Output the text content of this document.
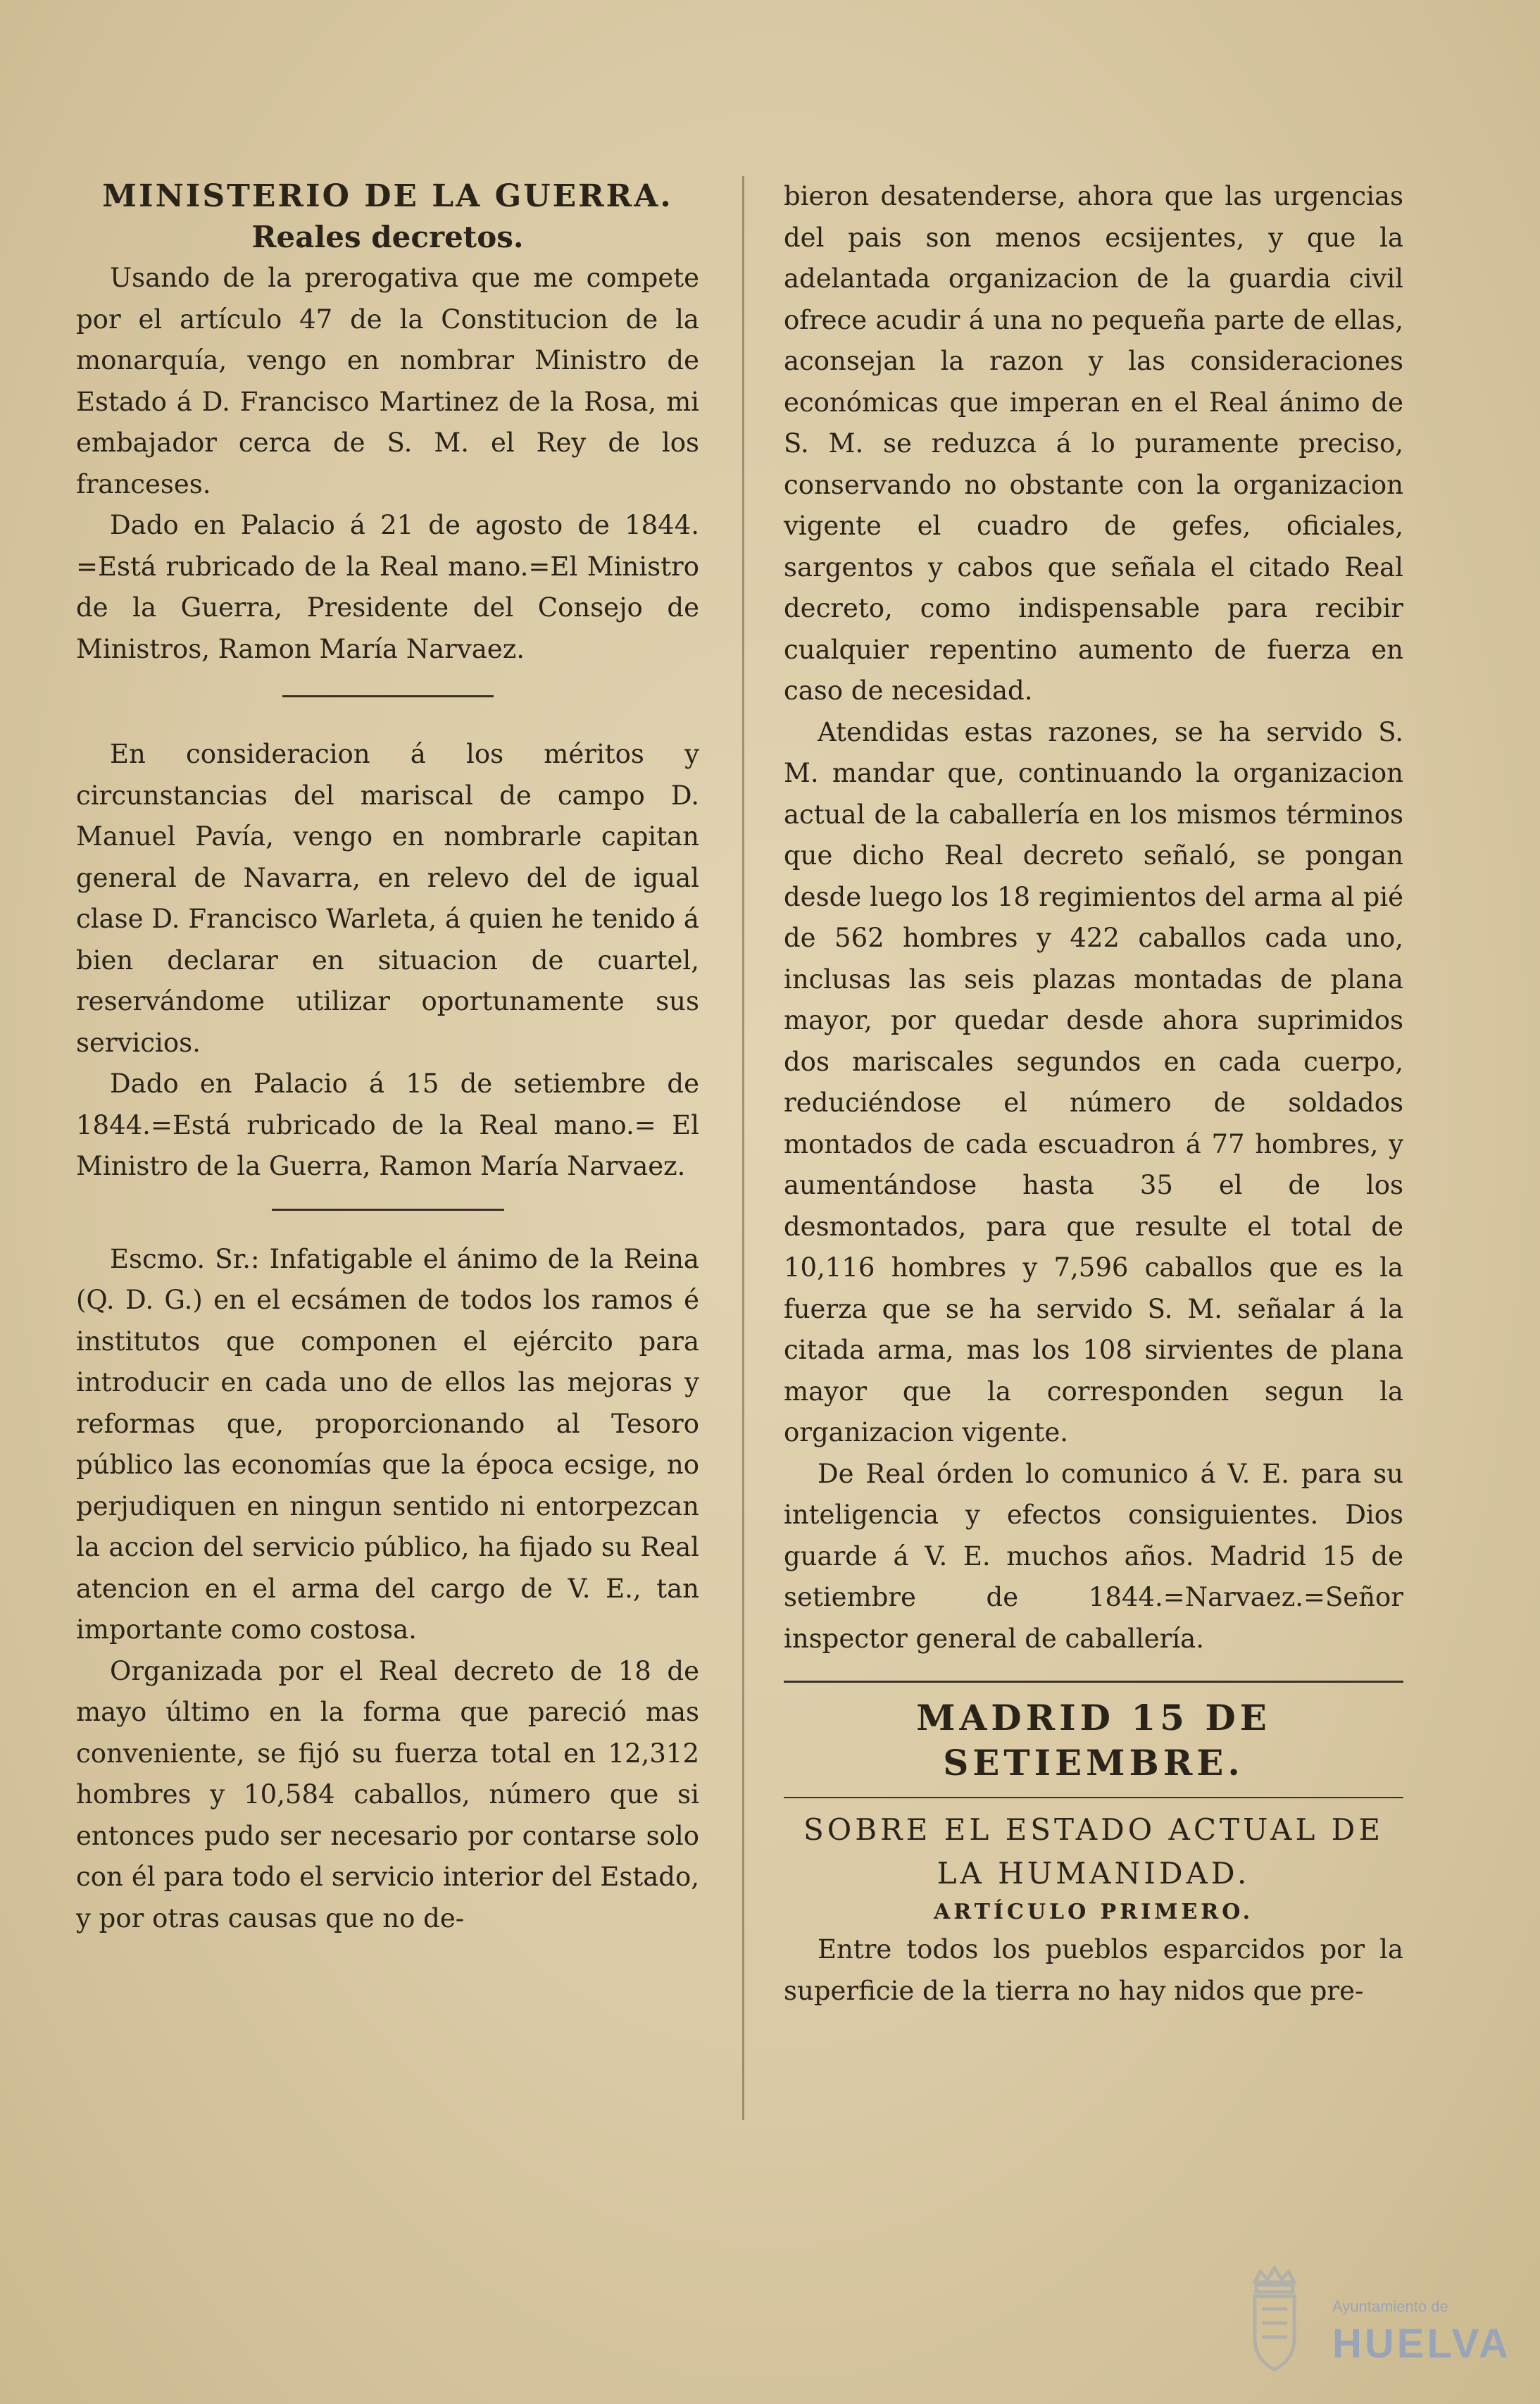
MINISTERIO DE LA GUERRA.

Reales decretos.

Usando de la prerogativa que me compete por el artículo 47 de la Constitucion de la monarquía, vengo en nombrar Ministro de Estado á D. Francisco Martinez de la Rosa, mi embajador cerca de S. M. el Rey de los franceses.

Dado en Palacio á 21 de agosto de 1844. =Está rubricado de la Real mano.=El Ministro de la Guerra, Presidente del Consejo de Ministros, Ramon María Narvaez.

En consideracion á los méritos y circunstancias del mariscal de campo D. Manuel Pavía, vengo en nombrarle capitan general de Navarra, en relevo del de igual clase D. Francisco Warleta, á quien he tenido á bien declarar en situacion de cuartel, reservándome utilizar oportunamente sus servicios.

Dado en Palacio á 15 de setiembre de 1844.=Está rubricado de la Real mano.= El Ministro de la Guerra, Ramon María Narvaez.

Escmo. Sr.: Infatigable el ánimo de la Reina (Q. D. G.) en el ecsámen de todos los ramos é institutos que componen el ejército para introducir en cada uno de ellos las mejoras y reformas que, proporcionando al Tesoro público las economías que la época ecsige, no perjudiquen en ningun sentido ni entorpezcan la accion del servicio público, ha fijado su Real atencion en el arma del cargo de V. E., tan importante como costosa.

Organizada por el Real decreto de 18 de mayo último en la forma que pareció mas conveniente, se fijó su fuerza total en 12,312 hombres y 10,584 caballos, número que si entonces pudo ser necesario por contarse solo con él para todo el servicio interior del Estado, y por otras causas que no de-

bieron desatenderse, ahora que las urgencias del pais son menos ecsijentes, y que la adelantada organizacion de la guardia civil ofrece acudir á una no pequeña parte de ellas, aconsejan la razon y las consideraciones económicas que imperan en el Real ánimo de S. M. se reduzca á lo puramente preciso, conservando no obstante con la organizacion vigente el cuadro de gefes, oficiales, sargentos y cabos que señala el citado Real decreto, como indispensable para recibir cualquier repentino aumento de fuerza en caso de necesidad.

Atendidas estas razones, se ha servido S. M. mandar que, continuando la organizacion actual de la caballería en los mismos términos que dicho Real decreto señaló, se pongan desde luego los 18 regimientos del arma al pié de 562 hombres y 422 caballos cada uno, inclusas las seis plazas montadas de plana mayor, por quedar desde ahora suprimidos dos mariscales segundos en cada cuerpo, reduciéndose el número de soldados montados de cada escuadron á 77 hombres, y aumentándose hasta 35 el de los desmontados, para que resulte el total de 10,116 hombres y 7,596 caballos que es la fuerza que se ha servido S. M. señalar á la citada arma, mas los 108 sirvientes de plana mayor que la corresponden segun la organizacion vigente.

De Real órden lo comunico á V. E. para su inteligencia y efectos consiguientes. Dios guarde á V. E. muchos años. Madrid 15 de setiembre de 1844.=Narvaez.=Señor inspector general de caballería.

MADRID 15 DE SETIEMBRE.

SOBRE EL ESTADO ACTUAL DE LA HUMANIDAD.

ARTÍCULO PRIMERO.

Entre todos los pueblos esparcidos por la superficie de la tierra no hay nidos que pre-

Ayuntamiento de
HUELVA
